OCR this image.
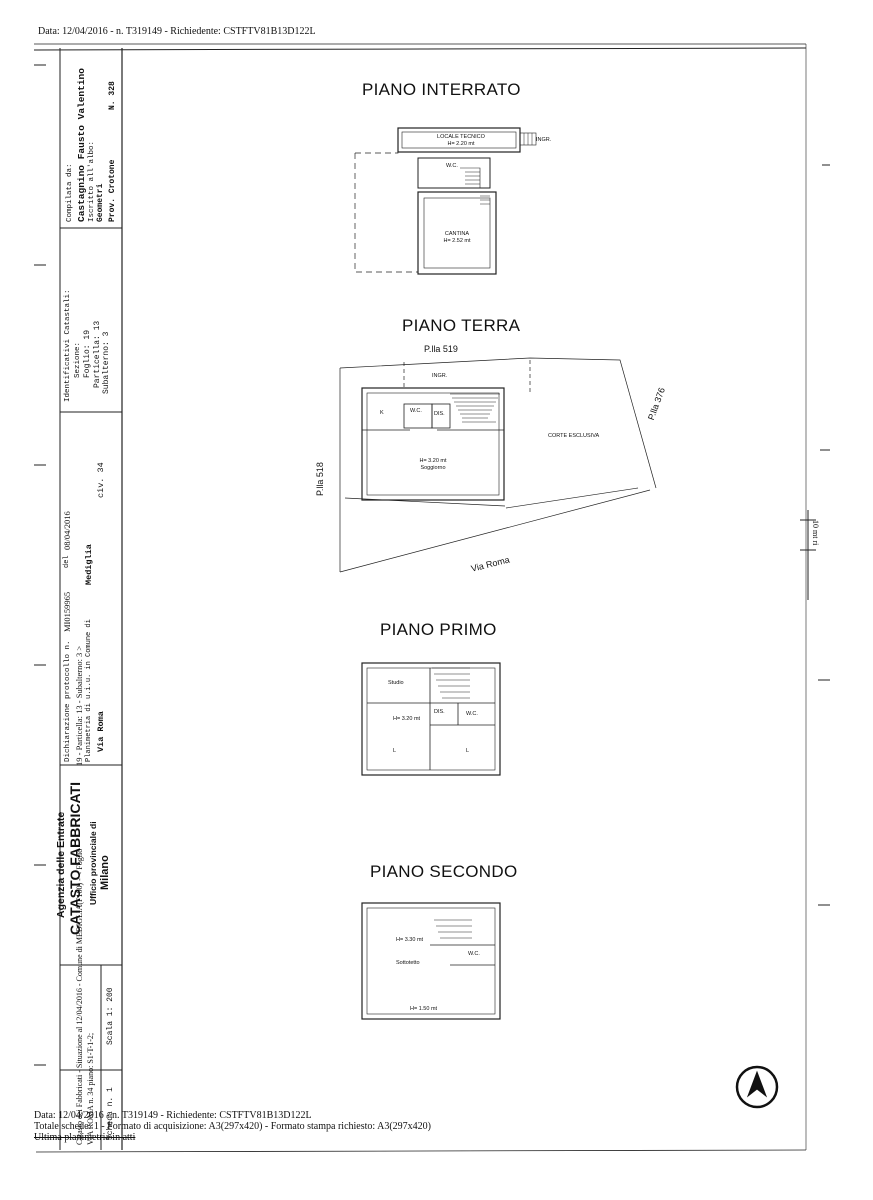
Data: 12/04/2016 - n. T319149 - Richiedente: CSTFTV81B13D122L
PIANO INTERRATO
PIANO TERRA
PIANO PRIMO
PIANO SECONDO
LOCALE TECNICO
H= 2.20 mt
INGR.
W.C.
CANTINA
H= 2.52 mt
P.lla 519
P.lla 518
P.lla 376
INGR.
K	W.C. DIS.
CORTE ESCLUSIVA
H= 3.20 mt
Soggiorno
Via Roma
Studio
H= 3.20 mt
DIS.	W.C.
L	L
H= 3.30 mt
W.C.
Sottotetto
H= 1.50 mt
10 mt ri
Compilata da: Castagnino Fausto Valentino Iscritto all'albo: Geometri Prov. Crotone
N. 328
Identificativi Catastali: Sezione: Foglio: 19 Particella: 13 Subalterno: 3
Dichiarazione protocollo n.
MI0159965
del
08/04/2016
19 - Particella: 13 - Subalterno: 3 > Planimetria di u.i.u. in Comune di
Mediglia
Via Roma
civ. 34
Agenzia delle Entrate CATASTO FABBRICATI Ufficio provinciale di Milano
Scheda n. 1
Scala 1: 200
Catasto dei Fabbricati - Situazione al 12/04/2016 - Comune di MEDIGLIA(F100) - < Foglio VIA ROMA n. 34 piano: S1-T-1-2;
Data: 12/04/2016 - n. T319149 - Richiedente: CSTFTV81B13D122L
Totale schede: 1 - Formato di acquisizione: A3(297x420) - Formato stampa richiesto: A3(297x420)
Ultima planimetria in atti
